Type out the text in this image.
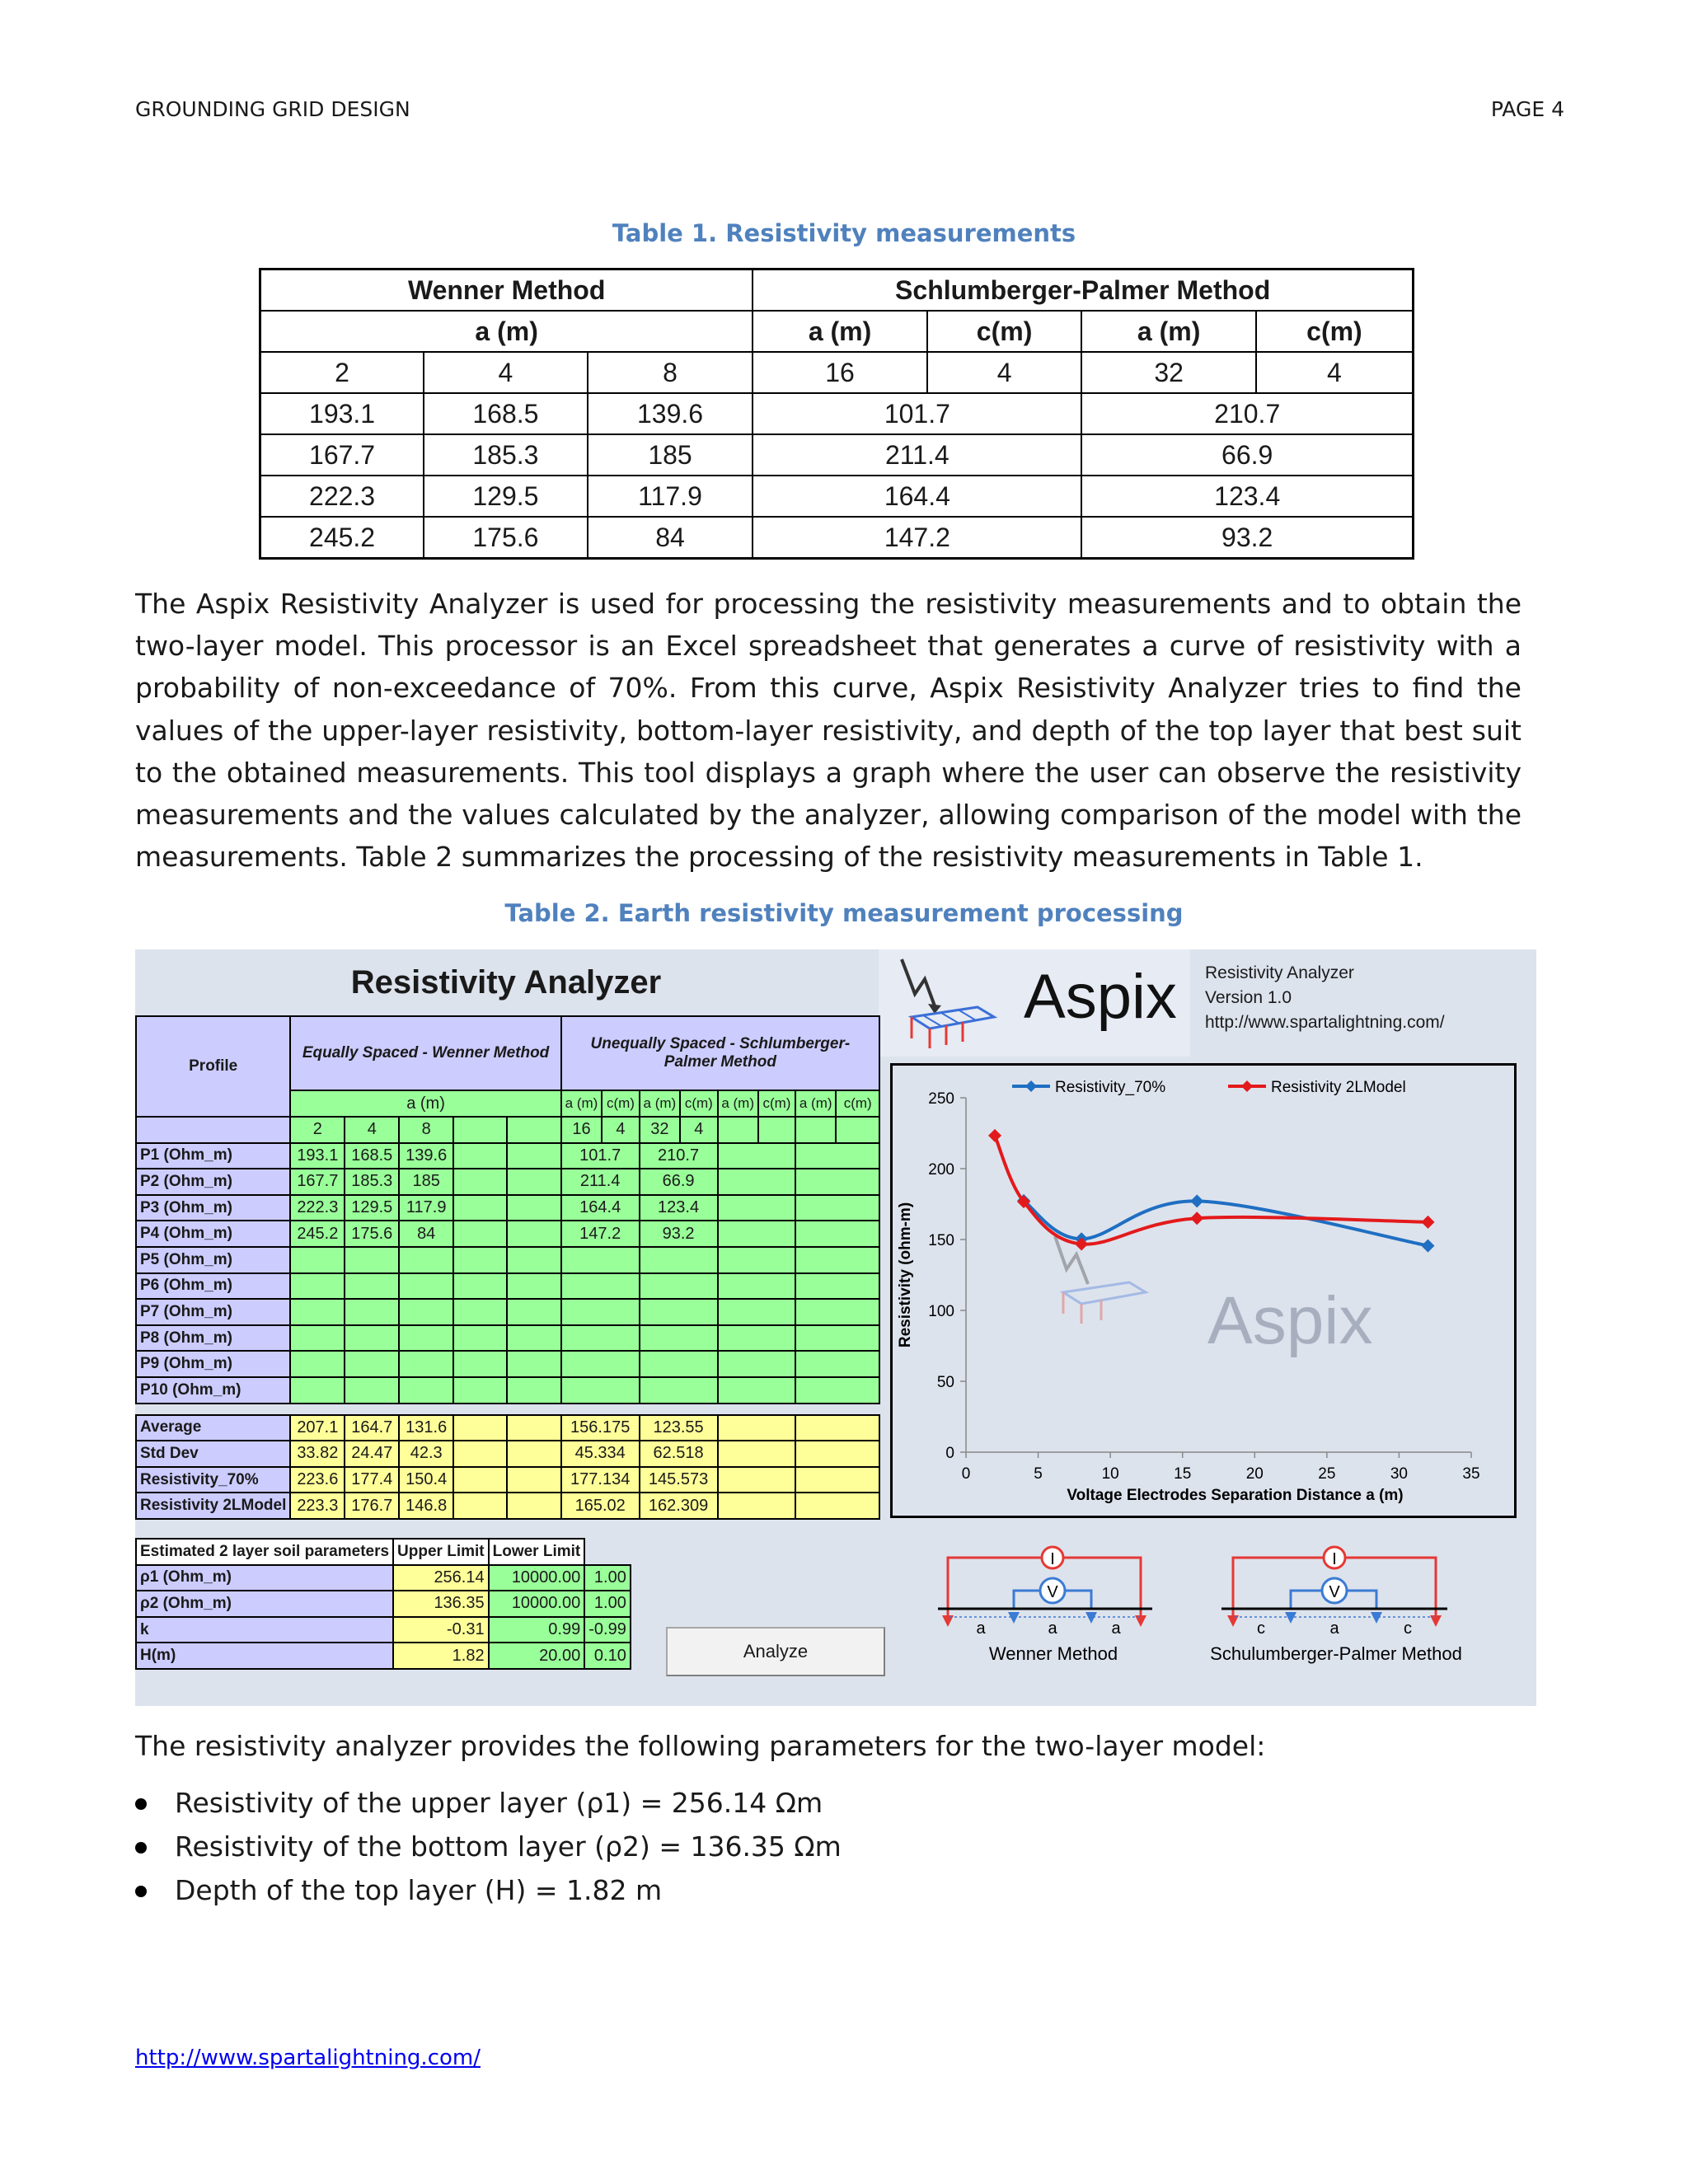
GROUNDING GRID DESIGN	PAGE 4
Table 1. Resistivity measurements
Wenner Method			Schlumberger-Palmer Method			
a (m)			a (m)	c(m)	a (m)	c(m)
2	4	8	16	4	32	4
193.1	168.5	139.6	101.7		210.7	
167.7	185.3	185	211.4		66.9	
222.3	129.5	117.9	164.4		123.4	
245.2	175.6	84	147.2		93.2	
The Aspix Resistivity Analyzer is used for processing the resistivity measurements and to obtain the two-layer model. This processor is an Excel spreadsheet that generates a curve of resistivity with a probability of non-exceedance of 70%. From this curve, Aspix Resistivity Analyzer tries to find the values of the upper-layer resistivity, bottom-layer resistivity, and depth of the top layer that best suit to the obtained measurements. This tool displays a graph where the user can observe the resistivity measurements and the values calculated by the analyzer, allowing comparison of the model with the measurements. Table 2 summarizes the processing of the resistivity measurements in Table 1.
Table 2. Earth resistivity measurement processing
Resistivity Analyzer	Aspix Resistivity Analyzer
Version 1.0
http://www.spartalightning.com/
Profile	Equally Spaced - Wenner Method					Unequally Spaced - Schlumberger-Palmer Method							

	a (m)					a (m)	c(m)	a (m)	c(m)	a (m)	c(m)	a (m)	c(m)
	2	4	8			16	4	32	4				
P1 (Ohm_m)	193.1	168.5	139.6			101.7		210.7					
P2 (Ohm_m)	167.7	185.3	185			211.4		66.9					
P3 (Ohm_m)	222.3	129.5	117.9			164.4		123.4					
P4 (Ohm_m)	245.2	175.6	84			147.2		93.2					
P5 (Ohm_m)													
P6 (Ohm_m)													
P7 (Ohm_m)													
P8 (Ohm_m)													
P9 (Ohm_m)													
P10 (Ohm_m)													

Average	207.1	164.7	131.6			156.175		123.55					
Std Dev	33.82	24.47	42.3			45.334		62.518					
Resistivity_70%	223.6	177.4	150.4			177.134		145.573					
Resistivity 2LModel	223.3	176.7	146.8			165.02		162.309					
Estimated 2 layer soil parameters	Upper Limit	Lower Limit	
ρ1 (Ohm_m)	256.14	10000.00	1.00
ρ2 (Ohm_m)	136.35	10000.00	1.00
k	-0.31	0.99	-0.99
H(m)	1.82	20.00	0.10	Analyze
0
50
100
150
200
250
0	5	10	15	20	25	30	35
Voltage Electrodes Separation Distance a (m)
Resistivity (ohm-m)	Aspix
Resistivity_70%	Resistivity 2LModel
I
V
a	a	a
Wenner Method
I
V
c	a	c
Schulumberger-Palmer Method
The resistivity analyzer provides the following parameters for the two-layer model:
Resistivity of the upper layer (ρ1) = 256.14 Ωm
Resistivity of the bottom layer (ρ2) = 136.35 Ωm
Depth of the top layer (H) = 1.82 m
http://www.spartalightning.com/
